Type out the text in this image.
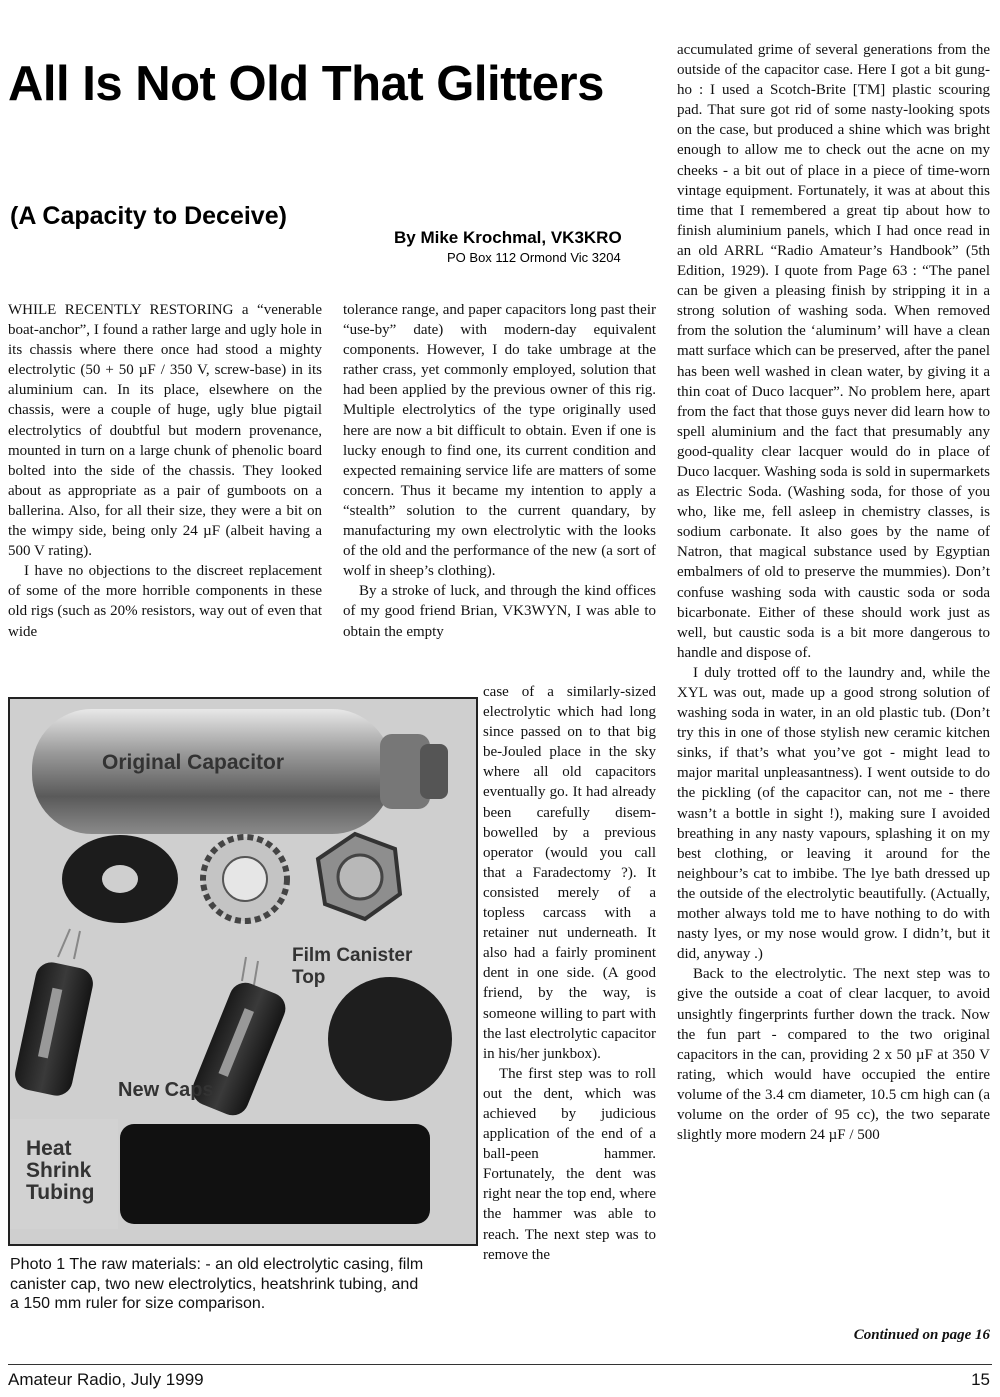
All Is Not Old That Glitters
(A Capacity to Deceive)

By Mike Krochmal, VK3KRO

PO Box 112 Ormond Vic 3204

WHILE RECENTLY RESTORING a “venerable boat-anchor”, I found a rather large and ugly hole in its chassis where there once had stood a mighty electrolytic (50 + 50 µF / 350 V, screw-base) in its aluminium can. In its place, elsewhere on the chassis, were a couple of huge, ugly blue pigtail electrolytics of doubtful but modern provenance, mounted in turn on a large chunk of phenolic board bolted into the side of the chassis. They looked about as appropriate as a pair of gumboots on a ballerina. Also, for all their size, they were a bit on the wimpy side, being only 24 µF (albeit having a 500 V rating).

I have no objections to the discreet replacement of some of the more horrible components in these old rigs (such as 20% resistors, way out of even that wide

tolerance range, and paper capacitors long past their “use-by” date) with modern-day equivalent components. However, I do take umbrage at the rather crass, yet commonly employed, solution that had been applied by the previous owner of this rig. Multiple electrolytics of the type originally used here are now a bit difficult to obtain. Even if one is lucky enough to find one, its current condition and expected remaining service life are matters of some concern. Thus it became my intention to apply a “stealth” solution to the current quandary, by manufacturing my own electrolytic with the looks of the old and the performance of the new (a sort of wolf in sheep’s clothing).

By a stroke of luck, and through the kind offices of my good friend Brian, VK3WYN, I was able to obtain the empty

case of a similarly-sized electrolytic which had long since passed on to that big be-Jouled place in the sky where all old capacitors eventually go. It had already been carefully disem-bowelled by a previous operator (would you call that a Faradectomy ?). It consisted merely of a topless carcass with a retainer nut underneath. It also had a fairly prominent dent in one side. (A good friend, by the way, is someone willing to part with the last electrolytic capacitor in his/her junkbox).

The first step was to roll out the dent, which was achieved by judicious application of the end of a ball-peen hammer. Fortunately, the dent was right near the top end, where the hammer was able to reach. The next step was to remove the

accumulated grime of several generations from the outside of the capacitor case. Here I got a bit gung-ho : I used a Scotch-Brite [TM] plastic scouring pad. That sure got rid of some nasty-looking spots on the case, but produced a shine which was bright enough to allow me to check out the acne on my cheeks - a bit out of place in a piece of time-worn vintage equipment. Fortunately, it was at about this time that I remembered a great tip about how to finish aluminium panels, which I had once read in an old ARRL “Radio Amateur’s Handbook” (5th Edition, 1929). I quote from Page 63 : “The panel can be given a pleasing finish by stripping it in a strong solution of washing soda. When removed from the solution the ‘aluminum’ will have a clean matt surface which can be preserved, after the panel has been well washed in clean water, by giving it a thin coat of Duco lacquer”. No problem here, apart from the fact that those guys never did learn how to spell aluminium and the fact that presumably any good-quality clear lacquer would do in place of Duco lacquer. Washing soda is sold in supermarkets as Electric Soda. (Washing soda, for those of you who, like me, fell asleep in chemistry classes, is sodium carbonate. It also goes by the name of Natron, that magical substance used by Egyptian embalmers of old to preserve the mummies). Don’t confuse washing soda with caustic soda or soda bicarbonate. Either of these should work just as well, but caustic soda is a bit more dangerous to handle and dispose of.

I duly trotted off to the laundry and, while the XYL was out, made up a good strong solution of washing soda in water, in an old plastic tub. (Don’t try this in one of those stylish new ceramic kitchen sinks, if that’s what you’ve got - might lead to major marital unpleasantness). I went outside to do the pickling (of the capacitor can, not me - there wasn’t a bottle in sight !), making sure I avoided breathing in any nasty vapours, splashing it on my best clothing, or leaving it around for the neighbour’s cat to imbibe. The lye bath dressed up the outside of the electrolytic beautifully. (Actually, mother always told me to have nothing to do with nasty lyes, or my nose would grow. I didn’t, but it did, anyway .)

Back to the electrolytic. The next step was to give the outside a coat of clear lacquer, to avoid unsightly fingerprints further down the track. Now the fun part - compared to the two original capacitors in the can, providing 2 x 50 µF at 350 V rating, which would have occupied the entire volume of the 3.4 cm diameter, 10.5 cm high can (a volume on the order of 95 cc), the two separate slightly more modern 24 µF / 500

Original Capacitor
Film Canister
Top
New Caps
Heat
Shrink
Tubing

Photo 1 The raw materials: - an old electrolytic casing, film canister cap, two new electrolytics, heatshrink tubing, and a 150 mm ruler for size comparison.

Continued on page 16

Amateur Radio, July 1999	15
